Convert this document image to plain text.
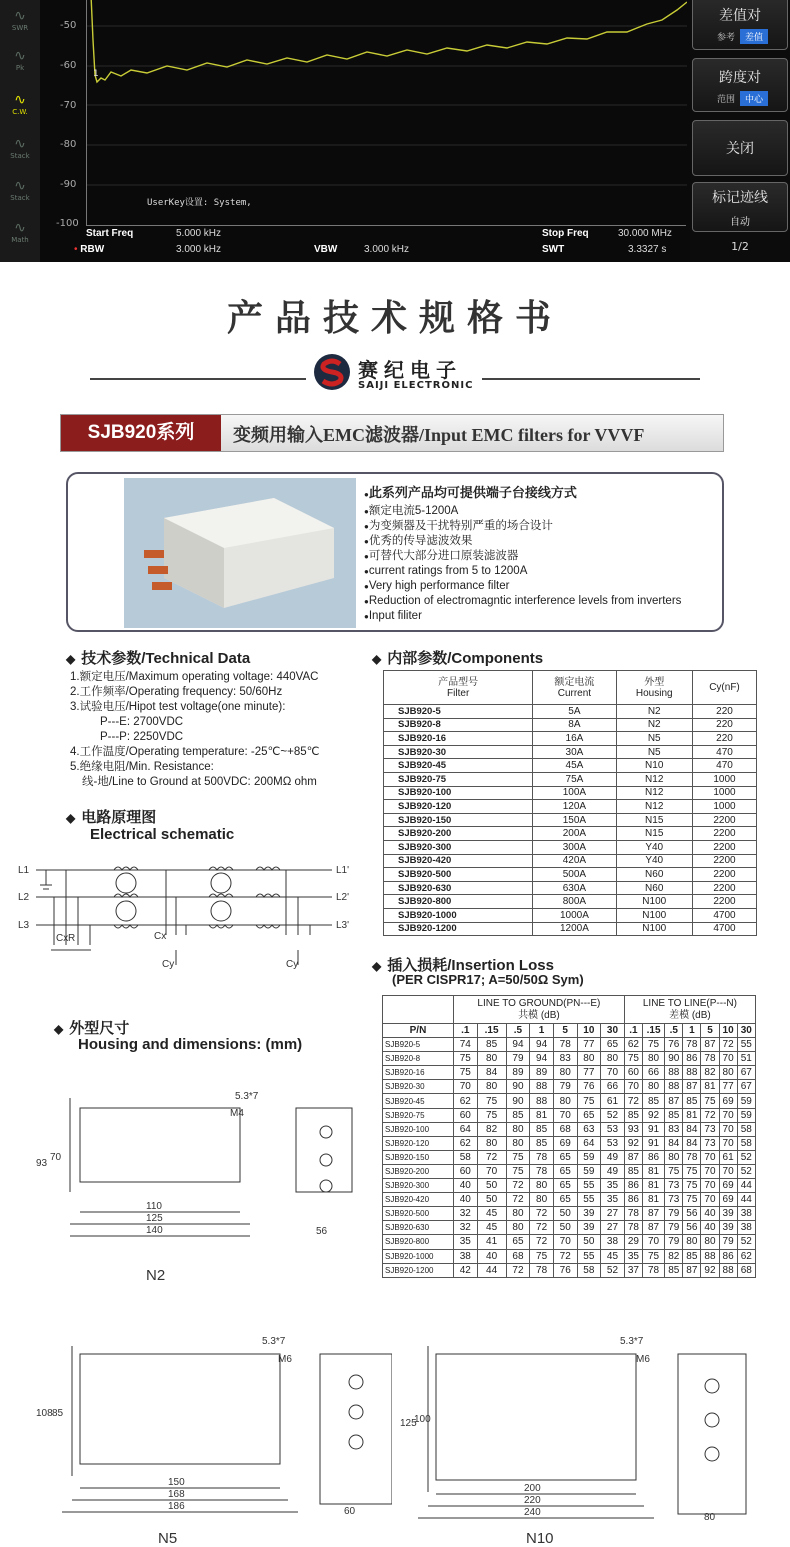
∿
SWR
∿
Pk
∿
C.W.
∿
Stack
∿
Stack
∿
Math
-50
-60
-70
-80
-90
-100
1
UserKey设置: System,
Start Freq	5.000 kHz
• RBW	3.000 kHz	VBW	3.000 kHz
Stop Freq	30.000 MHz
SWT	3.3327 s
差值对
参考 差值
跨度对
范围 中心
关闭
标记迹线
自动
1/2
产品技术规格书
赛纪电子
SAIJI ELECTRONIC
SJB920系列	变频用输入EMC滤波器/Input EMC filters for VVVF
● 此系列产品均可提供端子台接线方式
● 额定电流5-1200A
● 为变频器及干扰特别严重的场合设计
● 优秀的传导滤波效果
● 可替代大部分进口原装滤波器
● current ratings from 5 to 1200A
● Very high performance filter
● Reduction of electromagntic interference levels from inverters
● Input filiter
◆ 技术参数/Technical Data
1.额定电压/Maximum operating voltage: 440VAC
2.工作频率/Operating frequency: 50/60Hz
3.试验电压/Hipot test voltage(one minute):
P---E: 2700VDC
P---P: 2250VDC
4.工作温度/Operating temperature: -25℃~+85℃
5.绝缘电阻/Min. Resistance:
线-地/Line to Ground at 500VDC: 200MΩ ohm
◆ 电路原理图
Electrical schematic
L1
L2
L3
L1'
L2'
L3'
Cx R	Cx
Cy	Cy
◆ 外型尺寸
Housing and dimensions: (mm)
5.3*7
M4
93
70
110
125
140	56
N2
◆ 内部参数/Components
产品型号
Filter	额定电流
Current	外型
Housing	Cy(nF)
SJB920-5	5A	N2	220
SJB920-8	8A	N2	220
SJB920-16	16A	N5	220
SJB920-30	30A	N5	470
SJB920-45	45A	N10	470
SJB920-75	75A	N12	1000
SJB920-100	100A	N12	1000
SJB920-120	120A	N12	1000
SJB920-150	150A	N15	2200
SJB920-200	200A	N15	2200
SJB920-300	300A	Y40	2200
SJB920-420	420A	Y40	2200
SJB920-500	500A	N60	2200
SJB920-630	630A	N60	2200
SJB920-800	800A	N100	2200
SJB920-1000	1000A	N100	4700
SJB920-1200	1200A	N100	4700
◆ 插入损耗/Insertion Loss
(PER CISPR17; A=50/50Ω Sym)
	LINE TO GROUND(PN---E)
共模 (dB)							LINE TO LINE(P---N)
差模 (dB)						
P/N	.1	.15	.5	1	5	10	30	.1	.15	.5	1	5	10	30
SJB920-5	74	85	94	94	78	77	65	62	75	76	78	87	72	55
SJB920-8	75	80	79	94	83	80	80	75	80	90	86	78	70	51
SJB920-16	75	84	89	89	80	77	70	60	66	88	88	82	80	67
SJB920-30	70	80	90	88	79	76	66	70	80	88	87	81	77	67
SJB920-45	62	75	90	88	80	75	61	72	85	87	85	75	69	59
SJB920-75	60	75	85	81	70	65	52	85	92	85	81	72	70	59
SJB920-100	64	82	80	85	68	63	53	93	91	83	84	73	70	58
SJB920-120	62	80	80	85	69	64	53	92	91	84	84	73	70	58
SJB920-150	58	72	75	78	65	59	49	87	86	80	78	70	61	52
SJB920-200	60	70	75	78	65	59	49	85	81	75	75	70	70	52
SJB920-300	40	50	72	80	65	55	35	86	81	73	75	70	69	44
SJB920-420	40	50	72	80	65	55	35	86	81	73	75	70	69	44
SJB920-500	32	45	80	72	50	39	27	78	87	79	56	40	39	38
SJB920-630	32	45	80	72	50	39	27	78	87	79	56	40	39	38
SJB920-800	35	41	65	72	70	50	38	29	70	79	80	80	79	52
SJB920-1000	38	40	68	75	72	55	45	35	75	82	85	88	86	62
SJB920-1200	42	44	72	78	76	58	52	37	78	85	87	92	88	68
5.3*7
M6
108 85
150
168
186	60
N5
5.3*7
M6
125
100
200
220
240	80
N10
